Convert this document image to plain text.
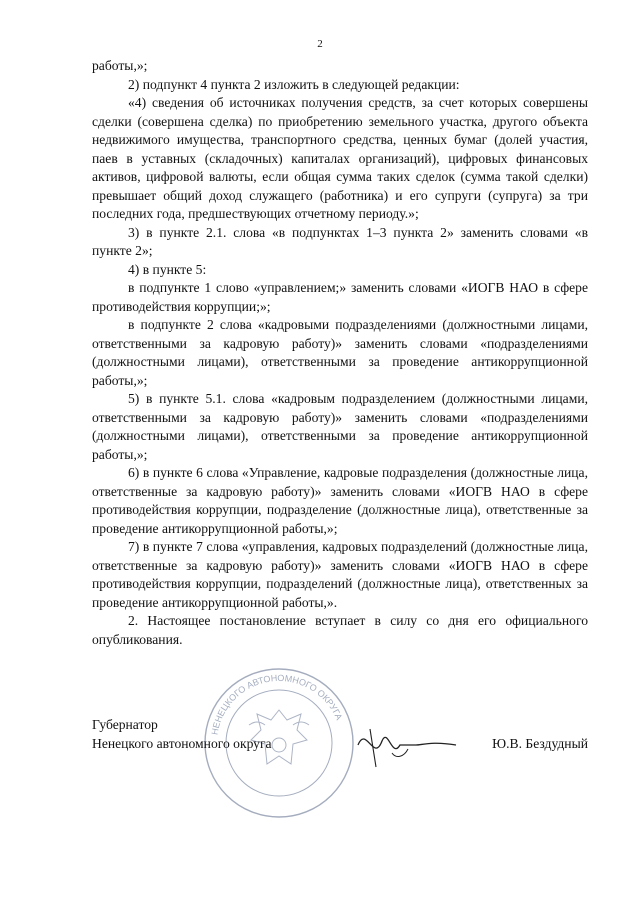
2

работы,»;

2) подпункт 4 пункта 2 изложить в следующей редакции:

«4) сведения об источниках получения средств, за счет которых совершены сделки (совершена сделка) по приобретению земельного участка, другого объекта недвижимого имущества, транспортного средства, ценных бумаг (долей участия, паев в уставных (складочных) капиталах организаций), цифровых финансовых активов, цифровой валюты, если общая сумма таких сделок (сумма такой сделки) превышает общий доход служащего (работника) и его супруги (супруга) за три последних года, предшествующих отчетному периоду.»;

3) в пункте 2.1. слова «в подпунктах 1–3 пункта 2» заменить словами «в пункте 2»;

4) в пункте 5:

в подпункте 1 слово «управлением;» заменить словами «ИОГВ НАО в сфере противодействия коррупции;»;

в подпункте 2 слова «кадровыми подразделениями (должностными лицами, ответственными за кадровую работу)» заменить словами «подразделениями (должностными лицами), ответственными за проведение антикоррупционной работы,»;

5) в пункте 5.1. слова «кадровым подразделением (должностными лицами, ответственными за кадровую работу)» заменить словами «подразделениями (должностными лицами), ответственными за проведение антикоррупционной работы,»;

6) в пункте 6 слова «Управление, кадровые подразделения (должностные лица, ответственные за кадровую работу)» заменить словами «ИОГВ НАО в сфере противодействия коррупции, подразделение (должностные лица), ответственные за проведение антикоррупционной работы,»;

7) в пункте 7 слова «управления, кадровых подразделений (должностные лица, ответственные за кадровую работу)» заменить словами «ИОГВ НАО в сфере противодействия коррупции, подразделений (должностные лица), ответственных за проведение антикоррупционной работы,».

2. Настоящее постановление вступает в силу со дня его официального опубликования.

НЕНЕЦКОГО АВТОНОМНОГО ОКРУГА
Губернатор
Ненецкого автономного округа	Ю.В. Бездудный
